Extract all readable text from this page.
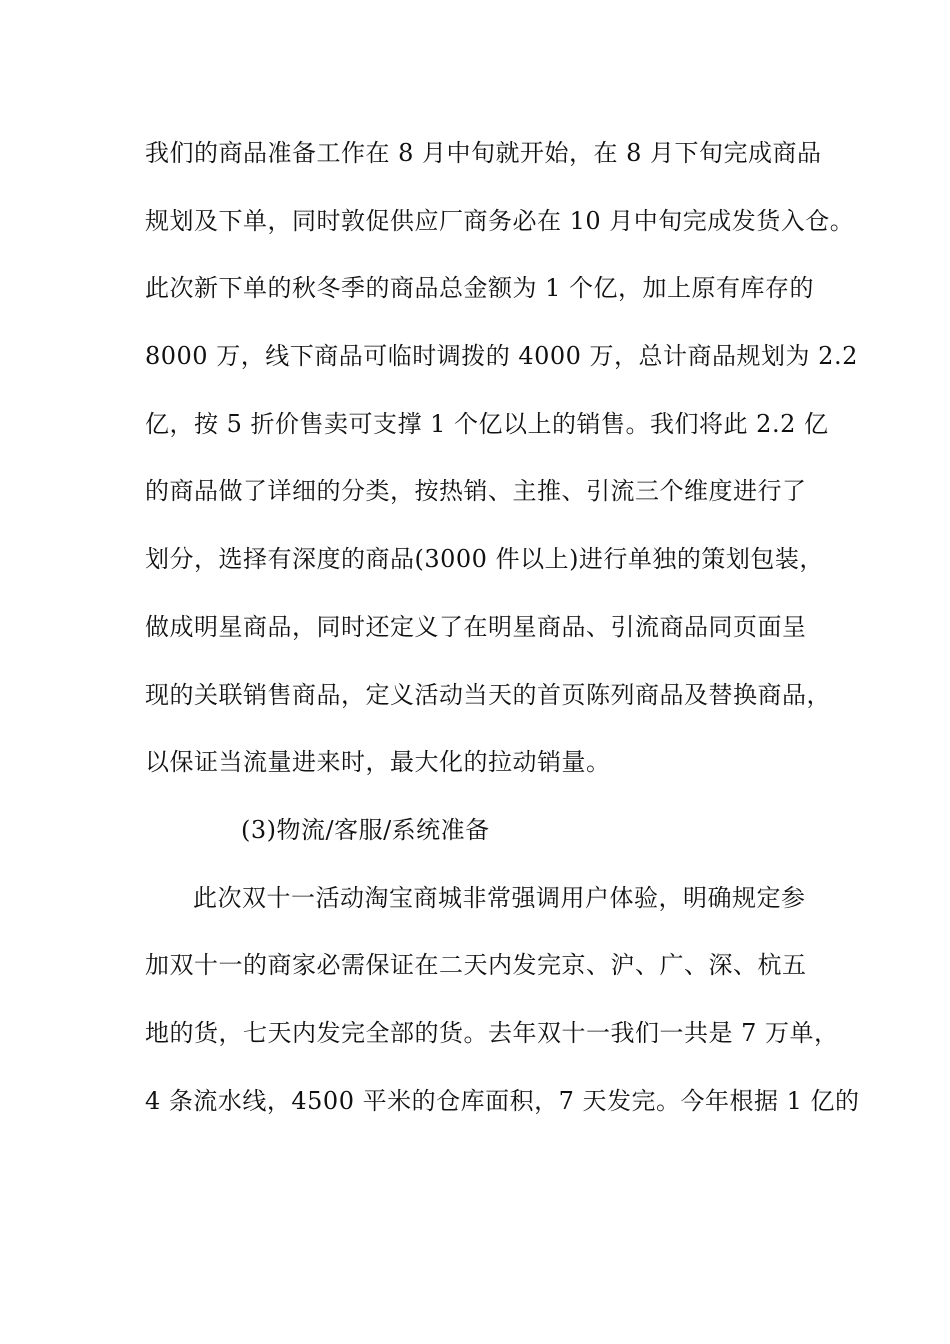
我们的商品准备工作在 8 月中旬就开始，在 8 月下旬完成商品
规划及下单，同时敦促供应厂商务必在 10 月中旬完成发货入仓。
此次新下单的秋冬季的商品总金额为 1 个亿，加上原有库存的
8000 万，线下商品可临时调拨的 4000 万，总计商品规划为 2.2
亿，按 5 折价售卖可支撑 1 个亿以上的销售。我们将此 2.2 亿
的商品做了详细的分类，按热销、主推、引流三个维度进行了
划分，选择有深度的商品(3000 件以上)进行单独的策划包装，
做成明星商品，同时还定义了在明星商品、引流商品同页面呈
现的关联销售商品，定义活动当天的首页陈列商品及替换商品，
以保证当流量进来时，最大化的拉动销量。
(3)物流/客服/系统准备
此次双十一活动淘宝商城非常强调用户体验，明确规定参
加双十一的商家必需保证在二天内发完京、沪、广、深、杭五
地的货，七天内发完全部的货。去年双十一我们一共是 7 万单，
4 条流水线，4500 平米的仓库面积，7 天发完。今年根据 1 亿的
